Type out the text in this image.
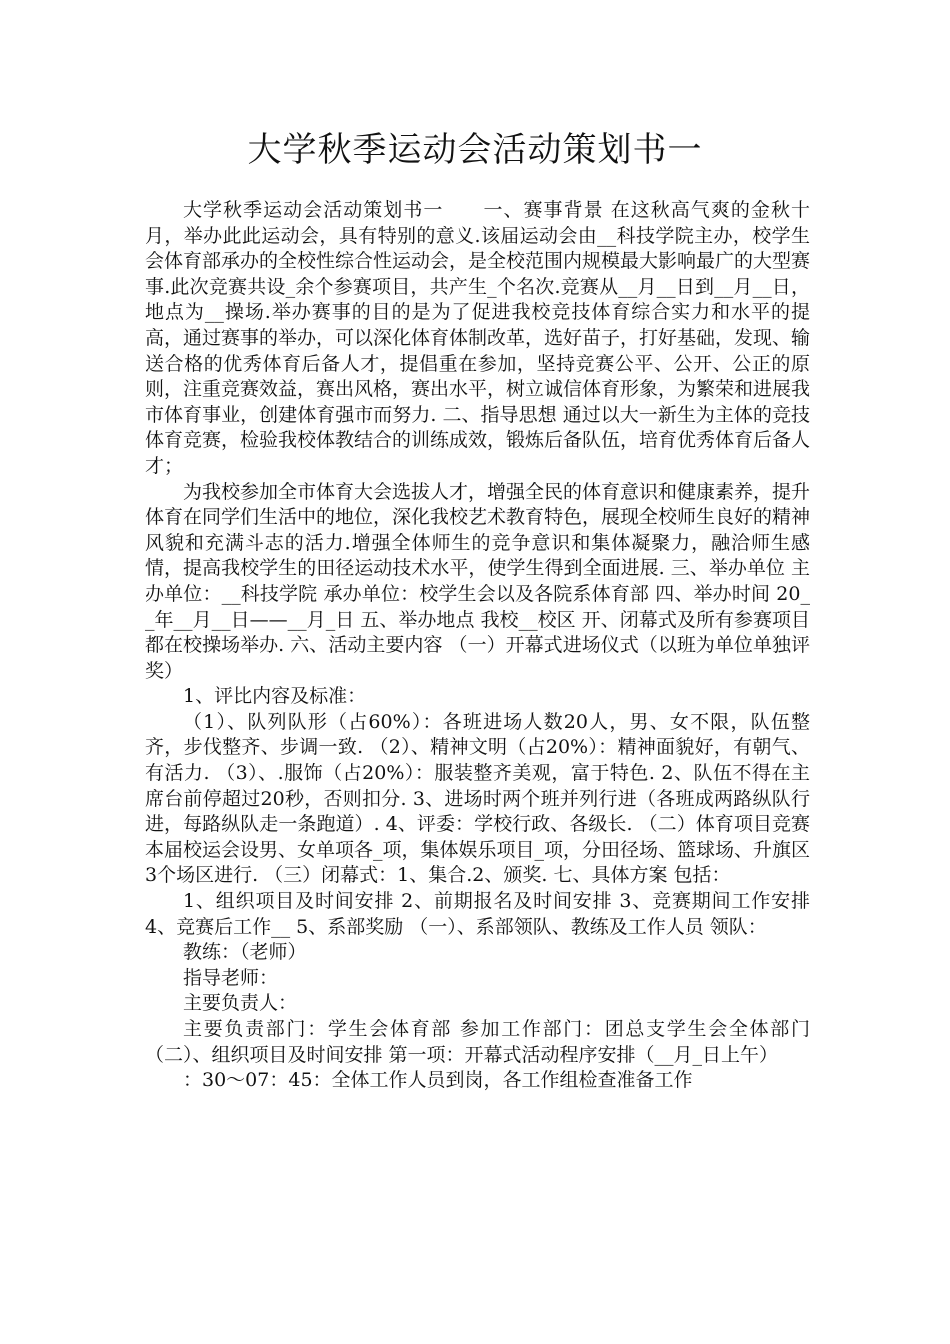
大学秋季运动会活动策划书一

大学秋季运动会活动策划书一　　一、赛事背景 在这秋高气爽的金秋十月，举办此此运动会，具有特别的意义.该届运动会由__科技学院主办，校学生会体育部承办的全校性综合性运动会，是全校范围内规模最大影响最广的大型赛事.此次竞赛共设_余个参赛项目，共产生_个名次.竞赛从__月__日到__月__日，地点为__操场.举办赛事的目的是为了促进我校竞技体育综合实力和水平的提高，通过赛事的举办，可以深化体育体制改革，选好苗子，打好基础，发现、输送合格的优秀体育后备人才，提倡重在参加，坚持竞赛公平、公开、公正的原则，注重竞赛效益，赛出风格，赛出水平，树立诚信体育形象，为繁荣和进展我市体育事业，创建体育强市而努力. 二、指导思想 通过以大一新生为主体的竞技体育竞赛，检验我校体教结合的训练成效，锻炼后备队伍，培育优秀体育后备人才；

为我校参加全市体育大会选拔人才，增强全民的体育意识和健康素养，提升体育在同学们生活中的地位，深化我校艺术教育特色，展现全校师生良好的精神风貌和充满斗志的活力.增强全体师生的竞争意识和集体凝聚力，融洽师生感情，提高我校学生的田径运动技术水平，使学生得到全面进展. 三、举办单位 主办单位：__科技学院 承办单位：校学生会以及各院系体育部 四、举办时间 20__年__月__日——__月_日 五、举办地点 我校__校区 开、闭幕式及所有参赛项目都在校操场举办. 六、活动主要内容 （一）开幕式进场仪式（以班为单位单独评奖）

1、评比内容及标准：

（1）、队列队形（占60%）：各班进场人数20人，男、女不限，队伍整齐，步伐整齐、步调一致. （2）、精神文明（占20%）：精神面貌好，有朝气、有活力. （3）、.服饰（占20%）：服装整齐美观，富于特色. 2、队伍不得在主席台前停超过20秒，否则扣分. 3、进场时两个班并列行进（各班成两路纵队行进，每路纵队走一条跑道）. 4、评委：学校行政、各级长. （二）体育项目竞赛 本届校运会设男、女单项各_项，集体娱乐项目_项，分田径场、篮球场、升旗区3个场区进行. （三）闭幕式：1、集合.2、颁奖. 七、具体方案 包括：

1、组织项目及时间安排 2、前期报名及时间安排 3、竞赛期间工作安排 4、竞赛后工作__ 5、系部奖励 （一）、系部领队、教练及工作人员 领队：

教练：（老师）

指导老师：

主要负责人：

主要负责部门：学生会体育部 参加工作部门：团总支学生会全体部门 （二）、组织项目及时间安排 第一项：开幕式活动程序安排（__月_日上午）

：30～07：45：全体工作人员到岗，各工作组检查准备工作
